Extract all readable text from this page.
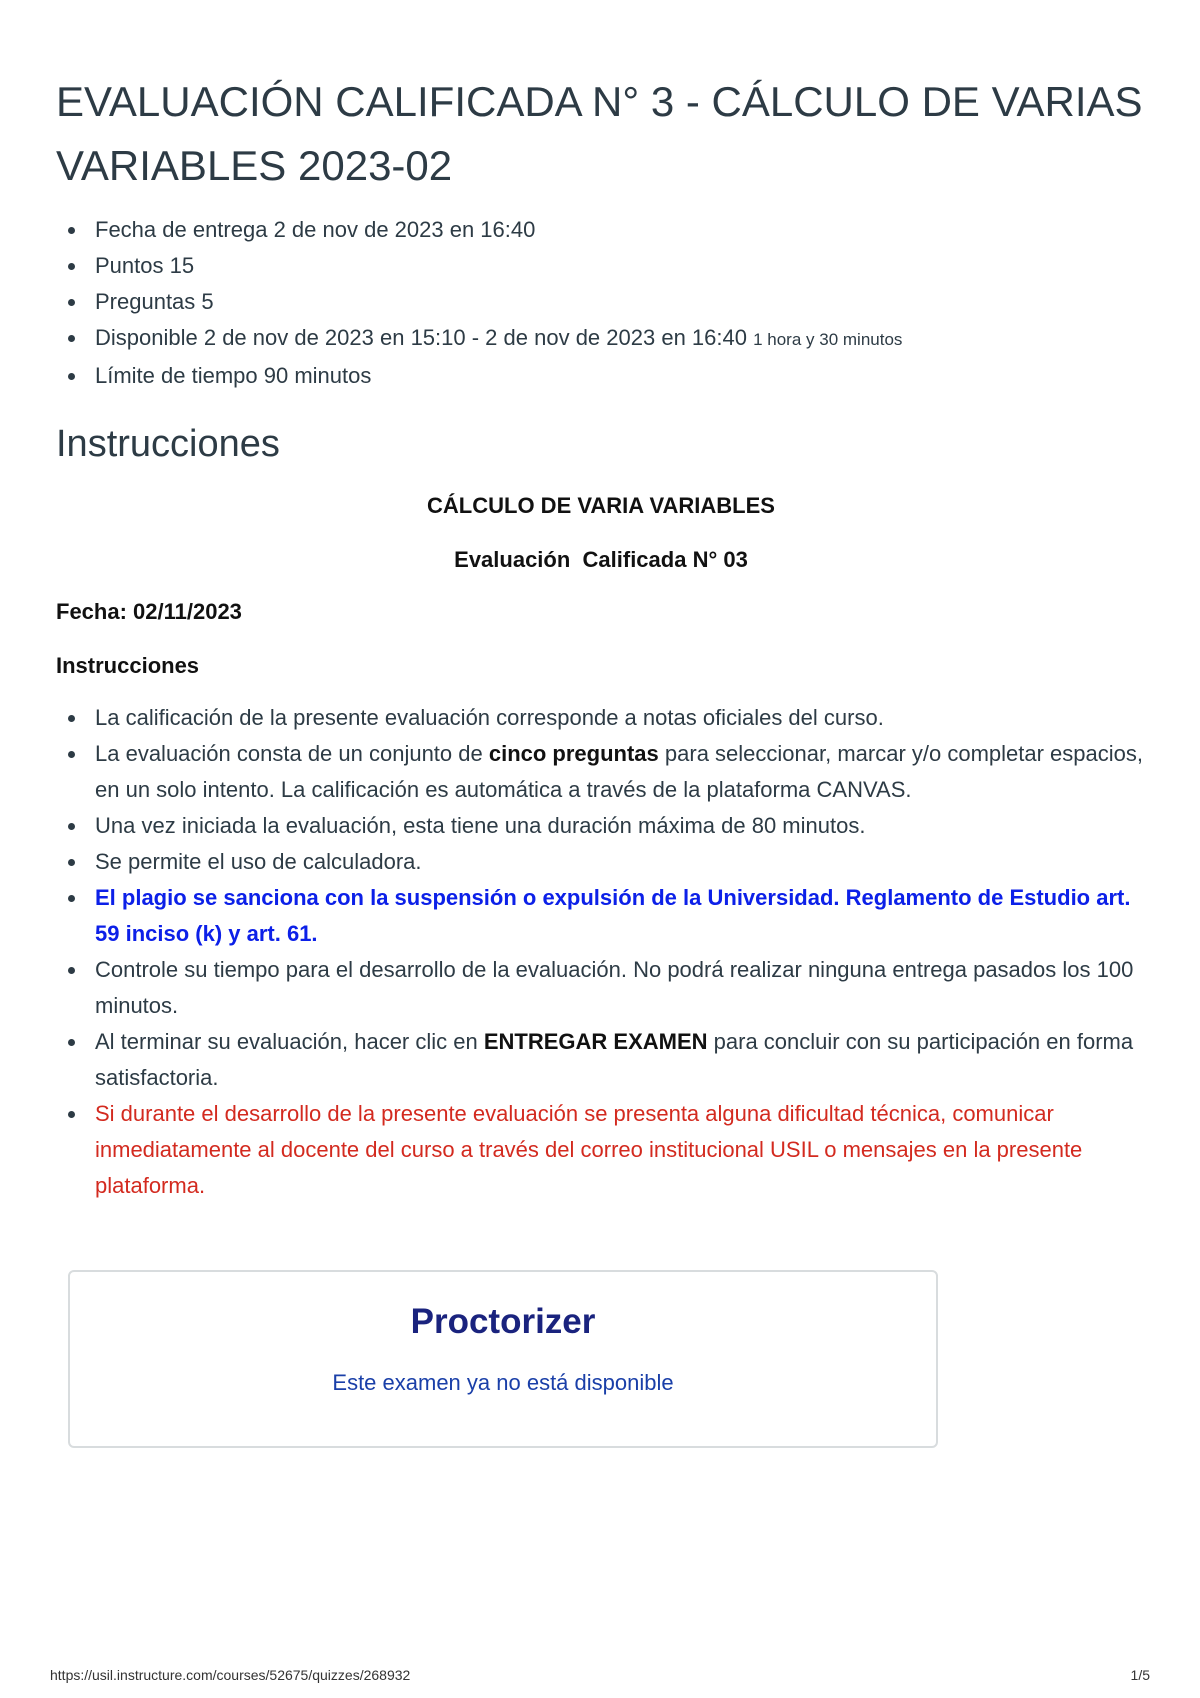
EVALUACIÓN CALIFICADA N° 3 - CÁLCULO DE VARIAS VARIABLES 2023-02
Fecha de entrega 2 de nov de 2023 en 16:40
Puntos 15
Preguntas 5
Disponible 2 de nov de 2023 en 15:10 - 2 de nov de 2023 en 16:40 1 hora y 30 minutos
Límite de tiempo 90 minutos
Instrucciones
CÁLCULO DE VARIA VARIABLES
Evaluación  Calificada N° 03
Fecha: 02/11/2023
Instrucciones
La calificación de la presente evaluación corresponde a notas oficiales del curso.
La evaluación consta de un conjunto de cinco preguntas para seleccionar, marcar y/o completar espacios, en un solo intento. La calificación es automática a través de la plataforma CANVAS.
Una vez iniciada la evaluación, esta tiene una duración máxima de 80 minutos.
Se permite el uso de calculadora.
El plagio se sanciona con la suspensión o expulsión de la Universidad. Reglamento de Estudio art. 59 inciso (k) y art. 61.
Controle su tiempo para el desarrollo de la evaluación. No podrá realizar ninguna entrega pasados los 100 minutos.
Al terminar su evaluación, hacer clic en ENTREGAR EXAMEN para concluir con su participación en forma satisfactoria.
Si durante el desarrollo de la presente evaluación se presenta alguna dificultad técnica, comunicar inmediatamente al docente del curso a través del correo institucional USIL o mensajes en la presente plataforma.
Proctorizer
Este examen ya no está disponible
https://usil.instructure.com/courses/52675/quizzes/268932	1/5
